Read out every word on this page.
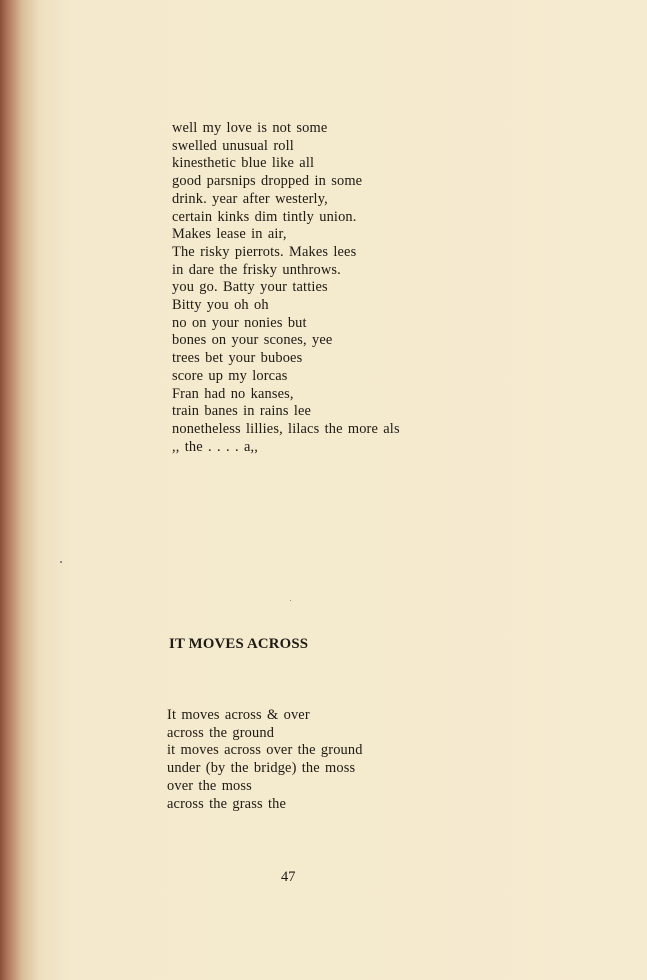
well my love is not some
swelled unusual roll
kinesthetic blue like all
good parsnips dropped in some
drink. year after westerly,
certain kinks dim tintly union.
Makes lease in air,
The risky pierrots. Makes lees
in dare the frisky unthrows.
you go. Batty your tatties
Bitty you oh oh
no on your nonies but
bones on your scones, yee
trees bet your buboes
score up my lorcas
Fran had no kanses,
train banes in rains lee
nonetheless lillies, lilacs the more als
,, the . . . . a,,
IT MOVES ACROSS
It moves across & over
across the ground
it moves across over the ground
under (by the bridge) the moss
over the moss
across the grass the
47
